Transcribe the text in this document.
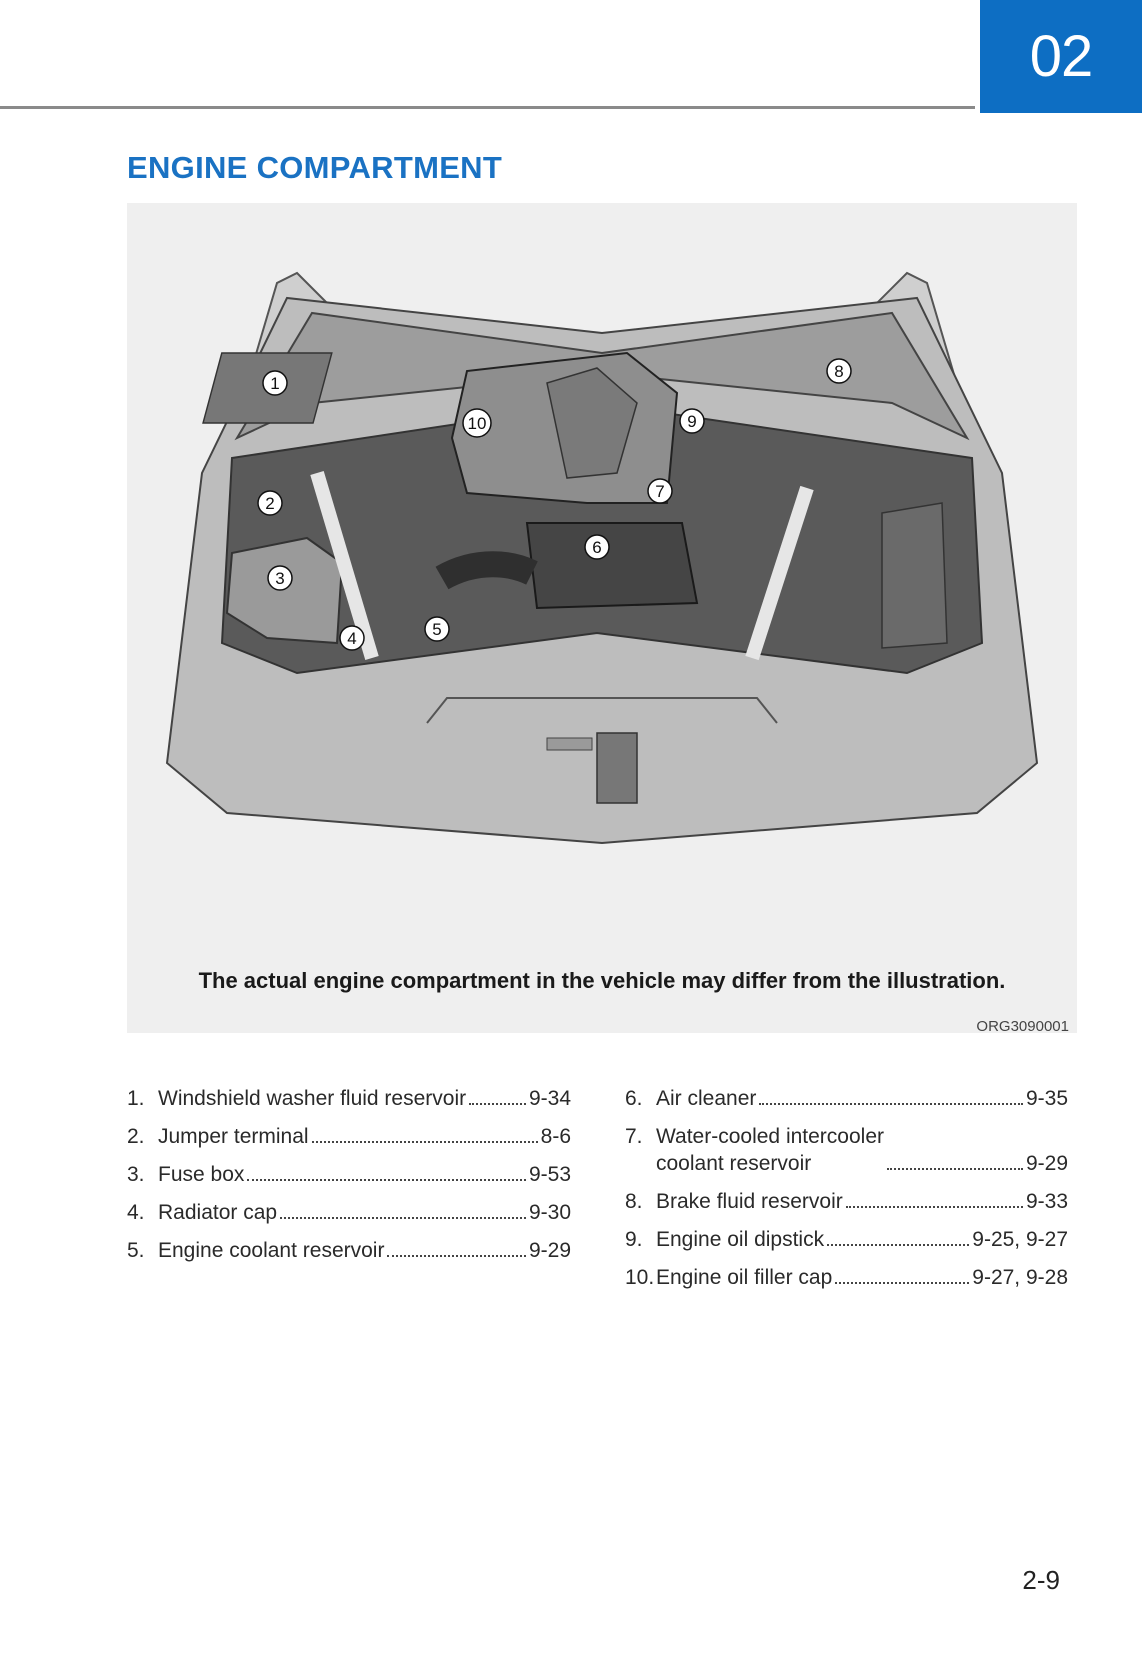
02
ENGINE COMPARTMENT
1
2
3
4	5
6
7
8
9
10
The actual engine compartment in the vehicle may differ from the illustration.
ORG3090001
1. Windshield washer fluid reservoir	9-34
2. Jumper terminal	8-6
3. Fuse box	9-53
4. Radiator cap	9-30
5. Engine coolant reservoir	9-29
6. Air cleaner	9-35
7. Water-cooled intercooler
coolant reservoir	9-29
8. Brake fluid reservoir	9-33
9. Engine oil dipstick	9-25, 9-27
10. Engine oil filler cap	9-27, 9-28
2-9
